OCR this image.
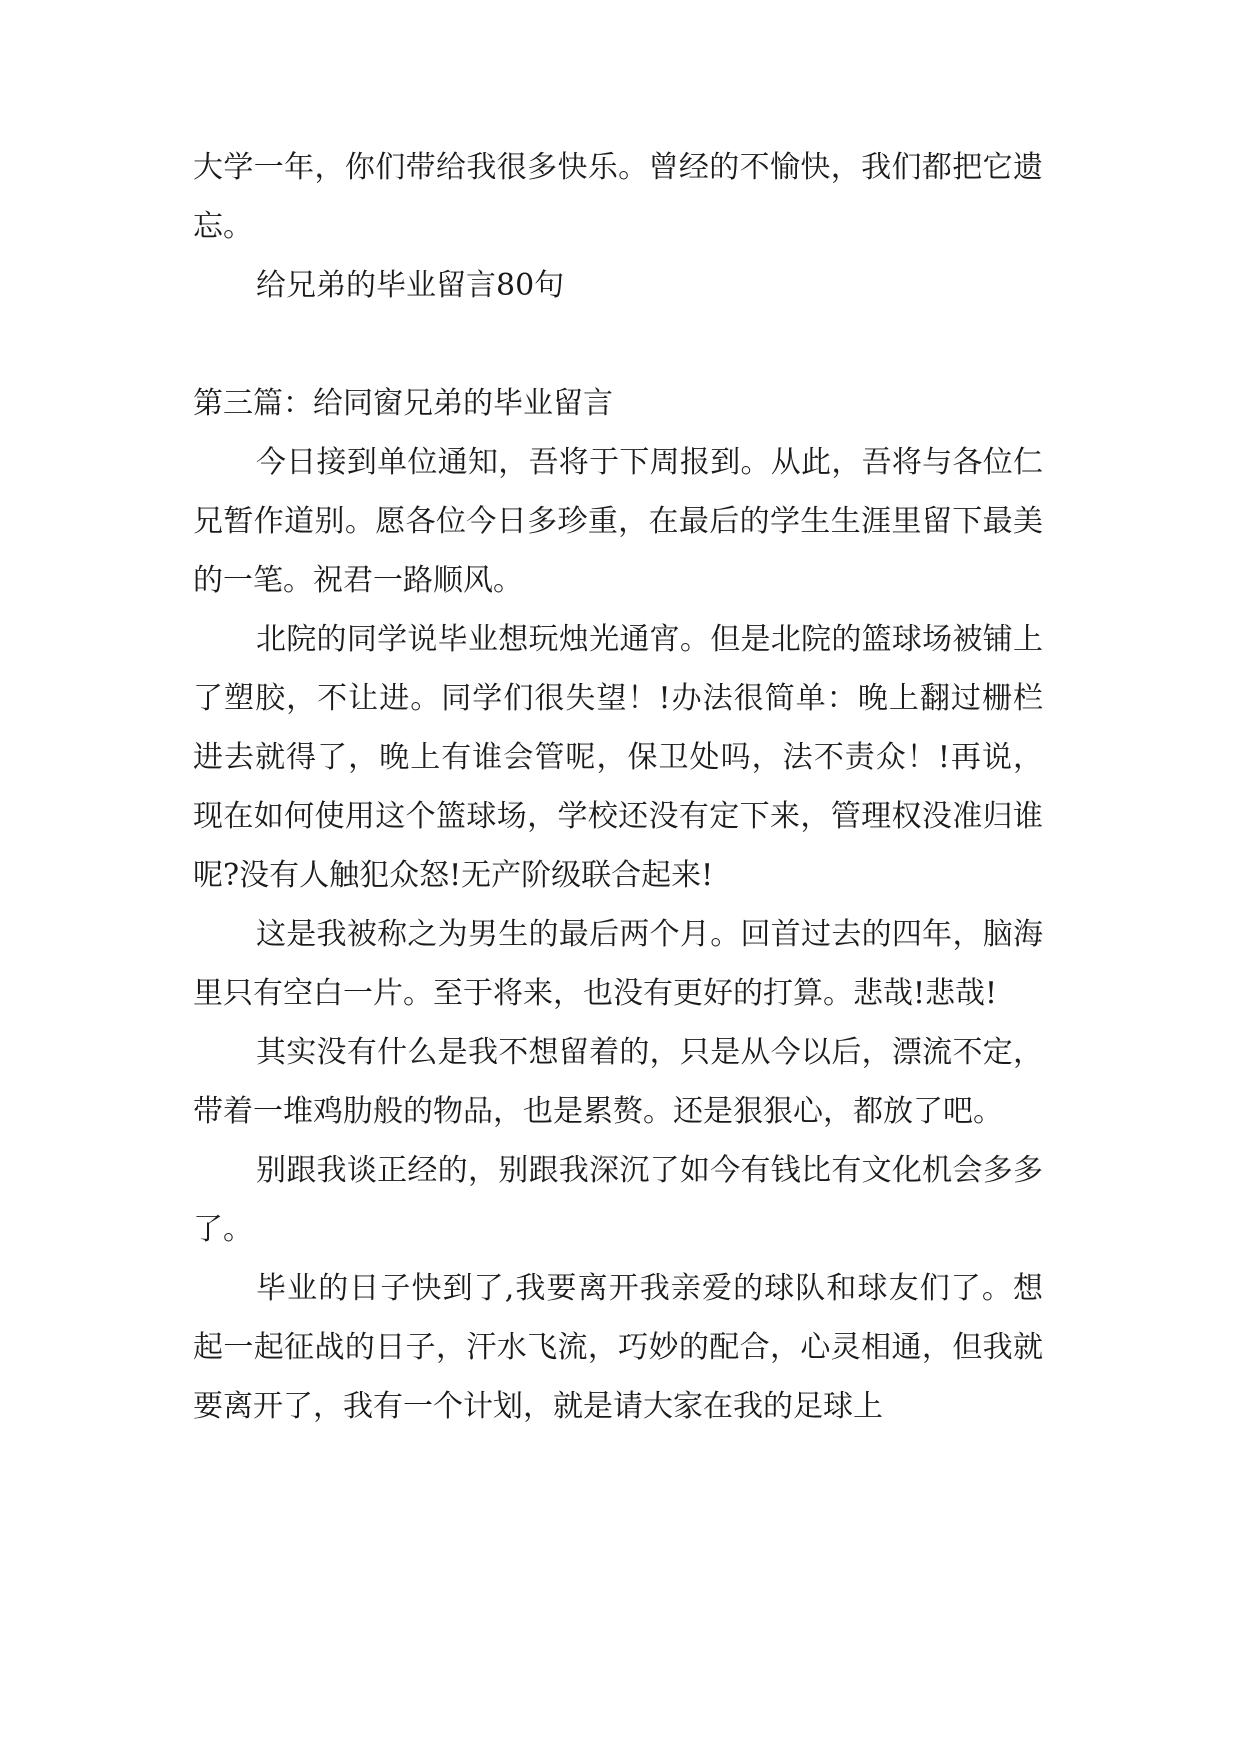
大学一年，你们带给我很多快乐。曾经的不愉快，我们都把它遗忘。

给兄弟的毕业留言80句

第三篇：给同窗兄弟的毕业留言

今日接到单位通知，吾将于下周报到。从此，吾将与各位仁兄暂作道别。愿各位今日多珍重，在最后的学生生涯里留下最美的一笔。祝君一路顺风。

北院的同学说毕业想玩烛光通宵。但是北院的篮球场被铺上了塑胶，不让进。同学们很失望！!办法很简单：晚上翻过栅栏进去就得了，晚上有谁会管呢，保卫处吗，法不责众！!再说，现在如何使用这个篮球场，学校还没有定下来，管理权没准归谁呢?没有人触犯众怒!无产阶级联合起来!

这是我被称之为男生的最后两个月。回首过去的四年，脑海里只有空白一片。至于将来，也没有更好的打算。悲哉!悲哉!

其实没有什么是我不想留着的，只是从今以后，漂流不定，带着一堆鸡肋般的物品，也是累赘。还是狠狠心，都放了吧。

别跟我谈正经的，别跟我深沉了如今有钱比有文化机会多多了。

毕业的日子快到了,我要离开我亲爱的球队和球友们了。想起一起征战的日子，汗水飞流，巧妙的配合，心灵相通，但我就要离开了，我有一个计划，就是请大家在我的足球上
